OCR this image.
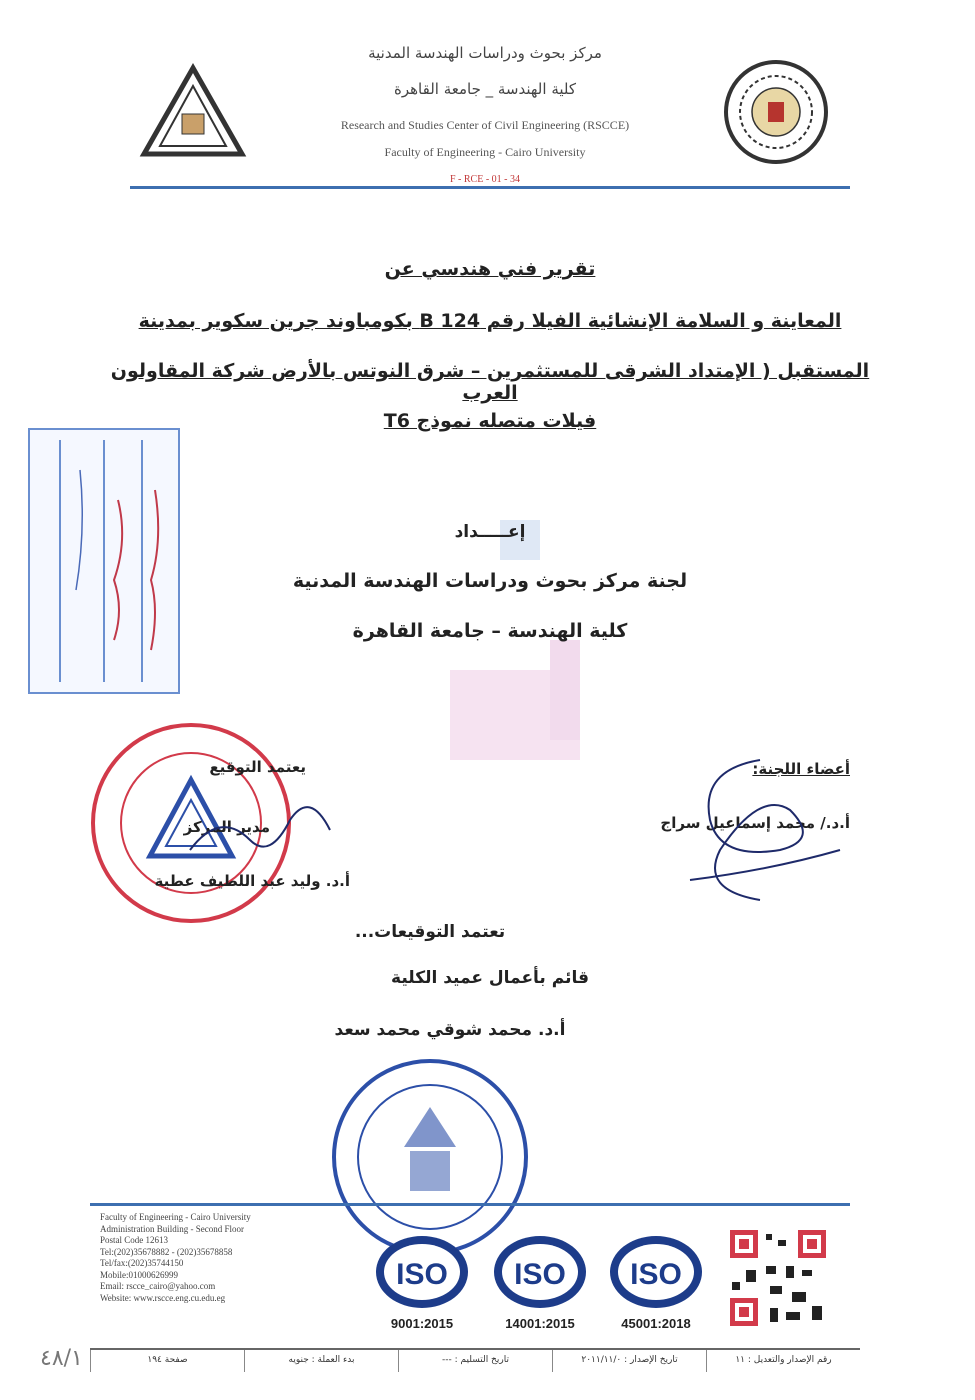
مركز بحوث ودراسات الهندسة المدنية
كلية الهندسة _ جامعة القاهرة
Research and Studies Center of Civil Engineering (RSCCE)
Faculty of Engineering - Cairo University
F - RCE - 01 - 34
تقرير فني هندسي عن
المعاينة و السلامة الإنشائية الفيلا رقم B 124 بكومباوند جرين سكوير بمدينة
المستقبل ( الإمتداد الشرقى للمستثمرين – شرق النوتس بالأرض شركة المقاولون العرب
فيلات متصله نموذج T6
إعـــــداد
لجنة مركز بحوث ودراسات الهندسة المدنية
كلية الهندسة – جامعة القاهرة
يعتمد التوقيع
مدير المركز
أ.د. وليد عبد اللطيف عطية
أعضاء اللجنة:
أ.د./ محمد إسماعيل سراج
تعتمد التوقيعات...
قائم بأعمال عميد الكلية
أ.د. محمد شوقي محمد سعد
Faculty of Engineering - Cairo University
Administration Building - Second Floor
Postal Code 12613
Tel:(202)35678882 - (202)35678858
Tel/fax:(202)35744150
Mobile:01000626999
Email: rscce_cairo@yahoo.com
Website: www.rscce.eng.cu.edu.eg
ISO
9001:2015
ISO
14001:2015
ISO
45001:2018
صفحة ١٩٤	بدء العملة : جنويه	تاريخ التسليم : ---	تاريخ الإصدار : ٢٠١١/١١/٠	رقم الإصدار والتعديل : ١١
٤٨/١
